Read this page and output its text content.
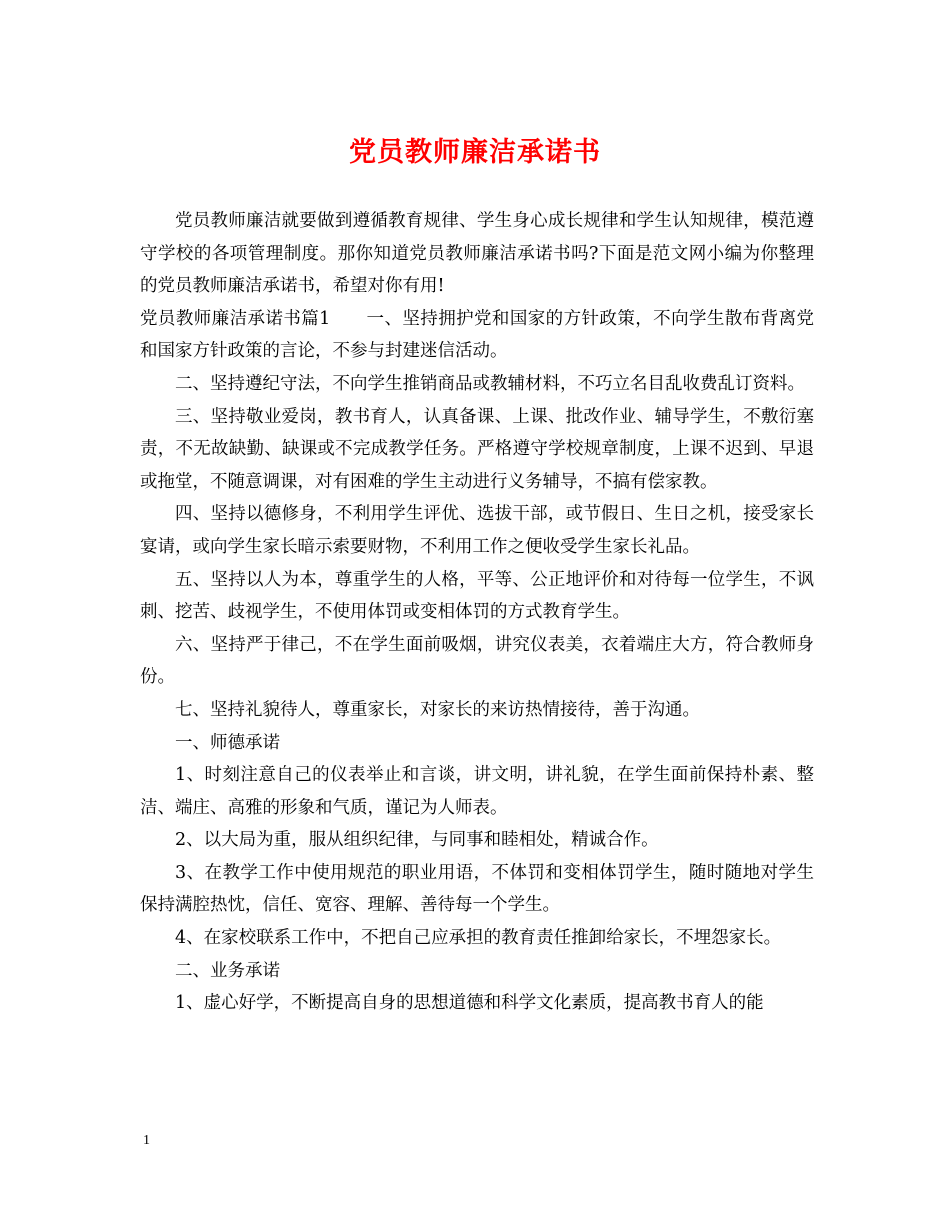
党员教师廉洁承诺书

党员教师廉洁就要做到遵循教育规律、学生身心成长规律和学生认知规律，模范遵守学校的各项管理制度。那你知道党员教师廉洁承诺书吗?下面是范文网小编为你整理的党员教师廉洁承诺书，希望对你有用!

党员教师廉洁承诺书篇1　　一、坚持拥护党和国家的方针政策，不向学生散布背离党和国家方针政策的言论，不参与封建迷信活动。

二、坚持遵纪守法，不向学生推销商品或教辅材料，不巧立名目乱收费乱订资料。

三、坚持敬业爱岗，教书育人，认真备课、上课、批改作业、辅导学生，不敷衍塞责，不无故缺勤、缺课或不完成教学任务。严格遵守学校规章制度，上课不迟到、早退或拖堂，不随意调课，对有困难的学生主动进行义务辅导，不搞有偿家教。

四、坚持以德修身，不利用学生评优、选拔干部，或节假日、生日之机，接受家长宴请，或向学生家长暗示索要财物，不利用工作之便收受学生家长礼品。

五、坚持以人为本，尊重学生的人格，平等、公正地评价和对待每一位学生，不讽刺、挖苦、歧视学生，不使用体罚或变相体罚的方式教育学生。

六、坚持严于律己，不在学生面前吸烟，讲究仪表美，衣着端庄大方，符合教师身份。

七、坚持礼貌待人，尊重家长，对家长的来访热情接待，善于沟通。

一、师德承诺

1、时刻注意自己的仪表举止和言谈，讲文明，讲礼貌，在学生面前保持朴素、整洁、端庄、高雅的形象和气质，谨记为人师表。

2、以大局为重，服从组织纪律，与同事和睦相处，精诚合作。

3、在教学工作中使用规范的职业用语，不体罚和变相体罚学生，随时随地对学生保持满腔热忱，信任、宽容、理解、善待每一个学生。

4、在家校联系工作中，不把自己应承担的教育责任推卸给家长，不埋怨家长。

二、业务承诺

1、虚心好学，不断提高自身的思想道德和科学文化素质，提高教书育人的能

1
